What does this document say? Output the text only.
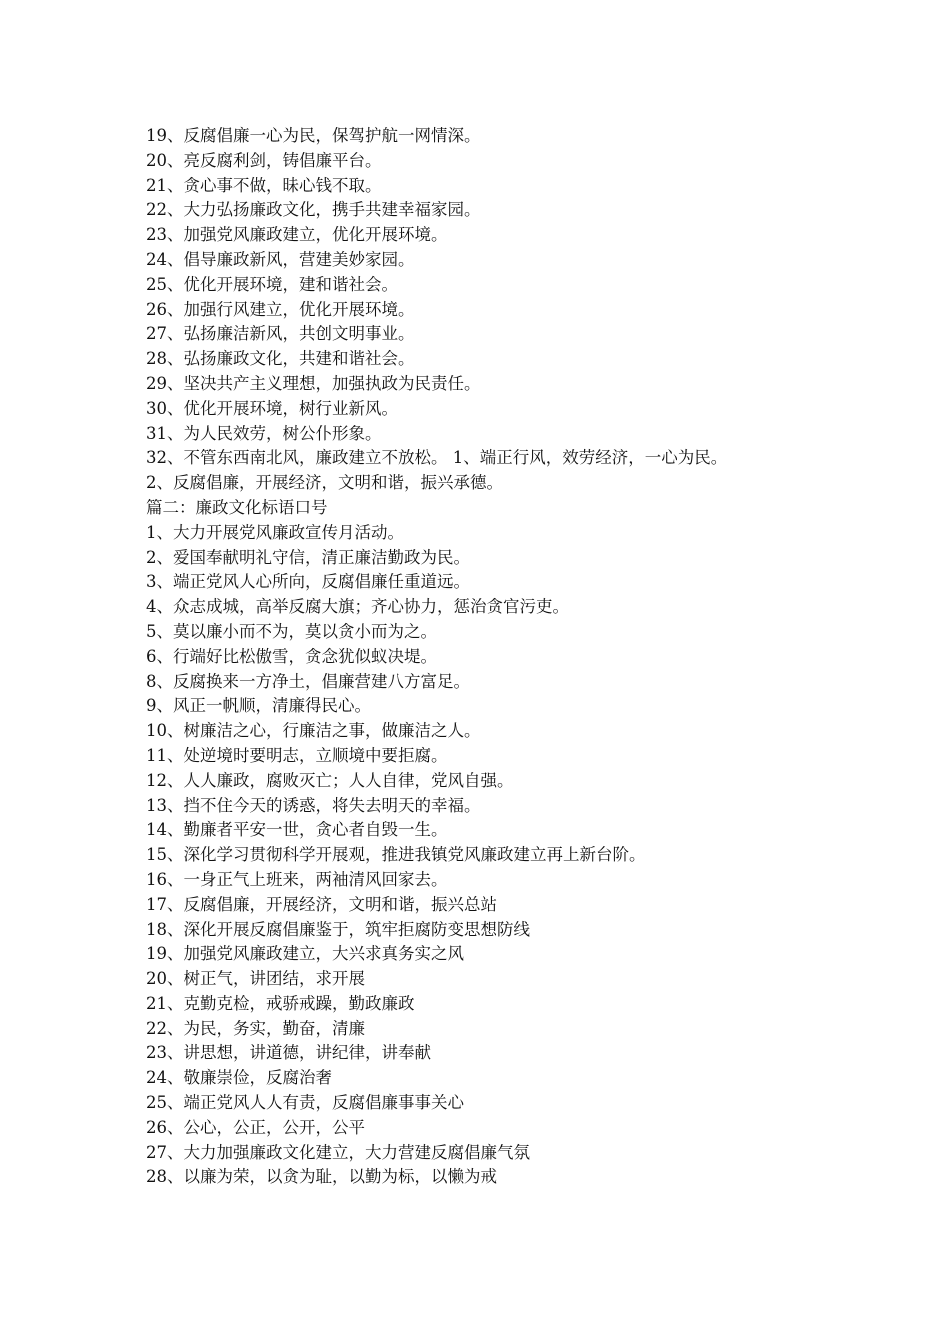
19、反腐倡廉一心为民，保驾护航一网情深。

20、亮反腐利剑，铸倡廉平台。

21、贪心事不做，昧心钱不取。

22、大力弘扬廉政文化，携手共建幸福家园。

23、加强党风廉政建立，优化开展环境。

24、倡导廉政新风，营建美妙家园。

25、优化开展环境，建和谐社会。

26、加强行风建立，优化开展环境。

27、弘扬廉洁新风，共创文明事业。

28、弘扬廉政文化，共建和谐社会。

29、坚决共产主义理想，加强执政为民责任。

30、优化开展环境，树行业新风。

31、为人民效劳，树公仆形象。

32、不管东西南北风，廉政建立不放松。 1、端正行风，效劳经济，一心为民。

2、反腐倡廉，开展经济，文明和谐，振兴承德。

篇二：廉政文化标语口号

1、大力开展党风廉政宣传月活动。

2、爱国奉献明礼守信，清正廉洁勤政为民。

3、端正党风人心所向，反腐倡廉任重道远。

4、众志成城，高举反腐大旗；齐心协力，惩治贪官污吏。

5、莫以廉小而不为，莫以贪小而为之。

6、行端好比松傲雪，贪念犹似蚁决堤。

8、反腐换来一方净土，倡廉营建八方富足。

9、风正一帆顺，清廉得民心。

10、树廉洁之心，行廉洁之事，做廉洁之人。

11、处逆境时要明志，立顺境中要拒腐。

12、人人廉政，腐败灭亡；人人自律，党风自强。

13、挡不住今天的诱惑，将失去明天的幸福。

14、勤廉者平安一世，贪心者自毁一生。

15、深化学习贯彻科学开展观，推进我镇党风廉政建立再上新台阶。

16、一身正气上班来，两袖清风回家去。

17、反腐倡廉，开展经济，文明和谐，振兴总站

18、深化开展反腐倡廉鉴于，筑牢拒腐防变思想防线

19、加强党风廉政建立，大兴求真务实之风

20、树正气，讲团结，求开展

21、克勤克检，戒骄戒躁，勤政廉政

22、为民，务实，勤奋，清廉

23、讲思想，讲道德，讲纪律，讲奉献

24、敬廉崇俭，反腐治奢

25、端正党风人人有责，反腐倡廉事事关心

26、公心，公正，公开，公平

27、大力加强廉政文化建立，大力营建反腐倡廉气氛

28、以廉为荣，以贪为耻，以勤为标，以懒为戒
